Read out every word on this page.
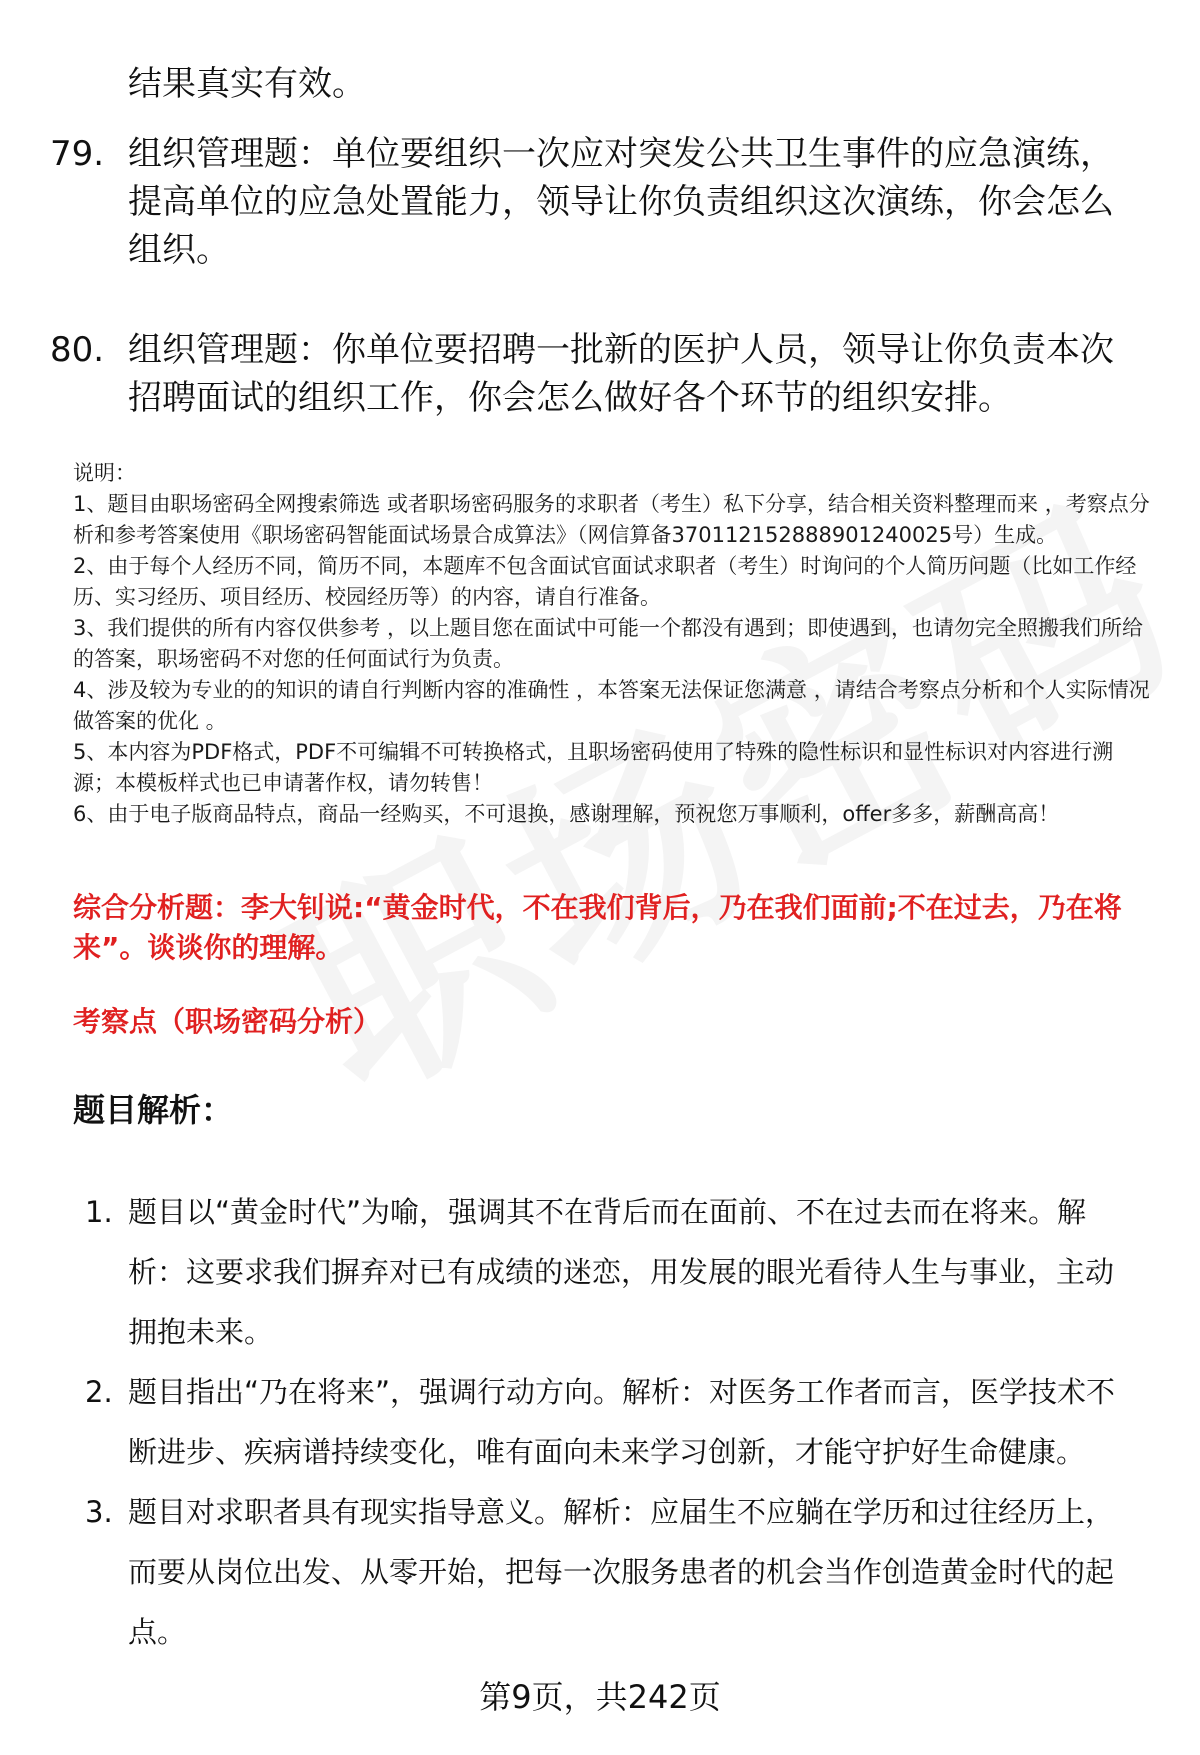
结果真实有效。
79. 组织管理题：单位要组织一次应对突发公共卫生事件的应急演练，提高单位的应急处置能力，领导让你负责组织这次演练，你会怎么组织。
80. 组织管理题：你单位要招聘一批新的医护人员，领导让你负责本次招聘面试的组织工作，你会怎么做好各个环节的组织安排。

说明：

1、题目由职场密码全网搜索筛选 或者职场密码服务的求职者（考生）私下分享，结合相关资料整理而来 ，考察点分析和参考答案使用《职场密码智能面试场景合成算法》（网信算备370112152888901240025号）生成。

2、由于每个人经历不同，简历不同，本题库不包含面试官面试求职者（考生）时询问的个人简历问题（比如工作经历、实习经历、项目经历、校园经历等）的内容，请自行准备。

3、我们提供的所有内容仅供参考 ，以上题目您在面试中可能一个都没有遇到；即使遇到，也请勿完全照搬我们所给的答案，职场密码不对您的任何面试行为负责。

4、涉及较为专业的的知识的请自行判断内容的准确性 ，本答案无法保证您满意 ，请结合考察点分析和个人实际情况做答案的优化 。

5、本内容为PDF格式，PDF不可编辑不可转换格式，且职场密码使用了特殊的隐性标识和显性标识对内容进行溯源；本模板样式也已申请著作权，请勿转售！

6、由于电子版商品特点，商品一经购买，不可退换，感谢理解，预祝您万事顺利，offer多多，薪酬高高！

综合分析题：李大钊说:“黄金时代，不在我们背后，乃在我们面前;不在过去，乃在将来”。谈谈你的理解。
考察点（职场密码分析）
题目解析：
1. 题目以“黄金时代”为喻，强调其不在背后而在面前、不在过去而在将来。解析：这要求我们摒弃对已有成绩的迷恋，用发展的眼光看待人生与事业，主动拥抱未来。
2. 题目指出“乃在将来”，强调行动方向。解析：对医务工作者而言，医学技术不断进步、疾病谱持续变化，唯有面向未来学习创新，才能守护好生命健康。
3. 题目对求职者具有现实指导意义。解析：应届生不应躺在学历和过往经历上，而要从岗位出发、从零开始，把每一次服务患者的机会当作创造黄金时代的起点。
第9页，共242页
